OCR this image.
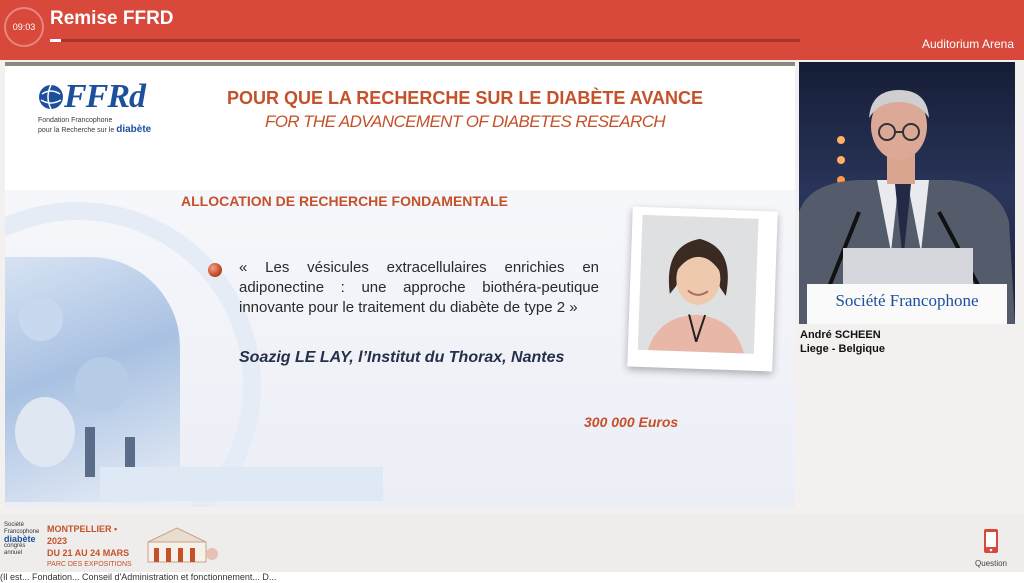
09:03 Remise FFRD
Auditorium Arena
FFRd
Fondation Francophone
pour la Recherche sur le diabète
POUR QUE LA RECHERCHE SUR LE DIABÈTE AVANCE
FOR THE ADVANCEMENT OF DIABETES RESEARCH
ALLOCATION DE RECHERCHE FONDAMENTALE
« Les vésicules extracellulaires enrichies en adiponectine : une approche biothéra-peutique innovante pour le traitement du diabète de type 2 »
Soazig LE LAY, l’Institut du Thorax, Nantes
300 000 Euros
Société Francophone
André SCHEEN
Liege - Belgique
Société Francophone
diabète
congrès annuel
MONTPELLIER • 2023
DU 21 AU 24 MARS
PARC DES EXPOSITIONS	Question
(Il est... Fondation... Conseil d'Administration et fonctionnement... D...
